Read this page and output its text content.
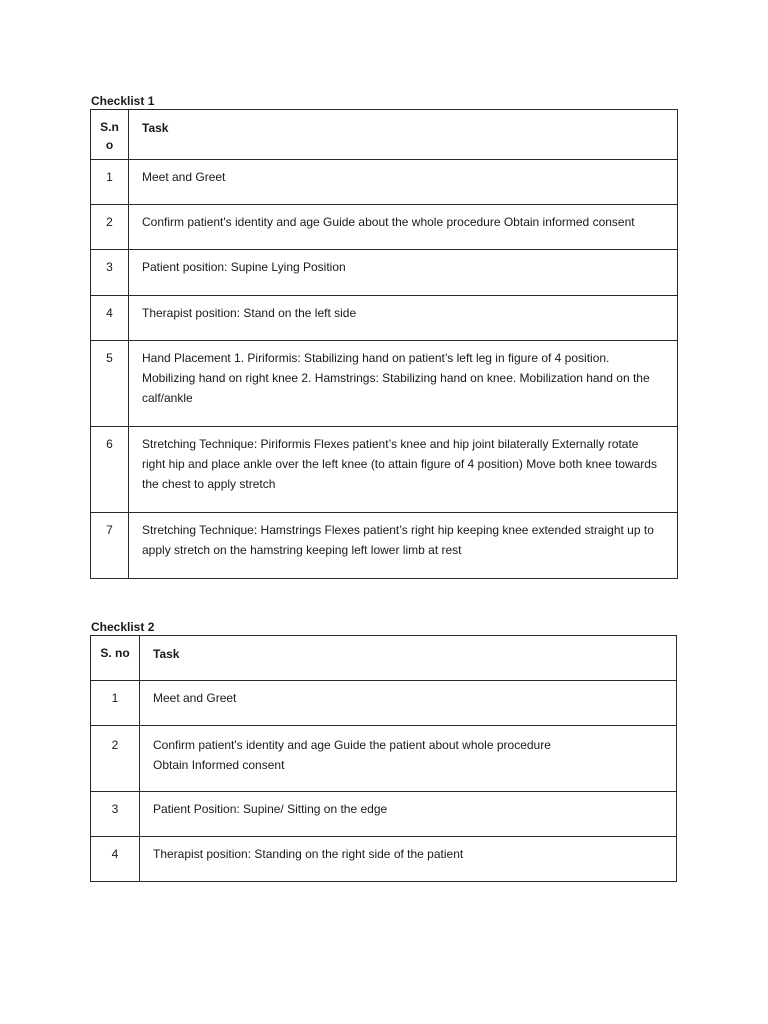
Checklist 1
S.no	Task

1	Meet and Greet

2	Confirm patient's identity and age Guide about the whole procedure Obtain informed consent

3	Patient position: Supine Lying Position

4	Therapist position: Stand on the left side

5	Hand Placement 1. Piriformis: Stabilizing hand on patient’s left leg in figure of 4 position. Mobilizing hand on right knee 2. Hamstrings: Stabilizing hand on knee. Mobilization hand on the calf/ankle

6	Stretching Technique: Piriformis Flexes patient’s knee and hip joint bilaterally Externally rotate right hip and place ankle over the left knee (to attain figure of 4 position) Move both knee towards the chest to apply stretch

7	Stretching Technique: Hamstrings Flexes patient’s right hip keeping knee extended straight up to apply stretch on the hamstring keeping left lower limb at rest
Checklist 2
S. no	Task

1	Meet and Greet

2	Confirm patient's identity and age Guide the patient about whole procedure Obtain Informed consent

3	Patient Position: Supine/ Sitting on the edge

4	Therapist position: Standing on the right side of the patient
